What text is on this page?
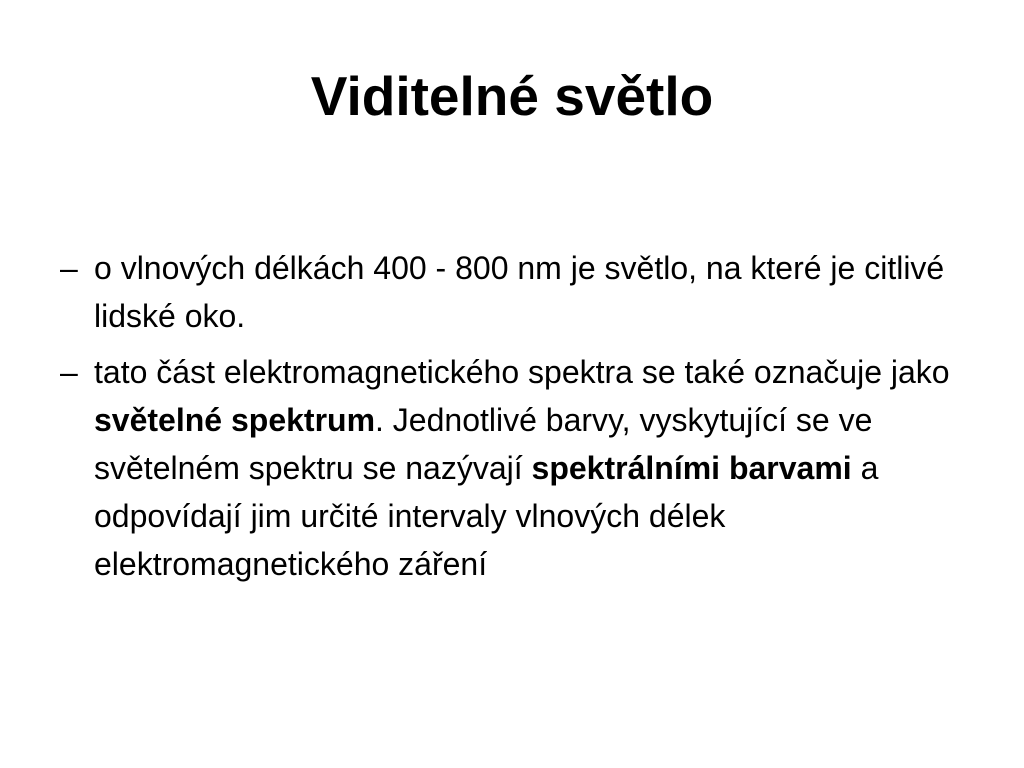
Viditelné světlo
– o vlnových délkách 400 - 800 nm je světlo, na které je citlivé lidské oko.
– tato část elektromagnetického spektra se také označuje jako světelné spektrum. Jednotlivé barvy, vyskytující se ve světelném spektru se nazývají spektrálními barvami a odpovídají jim určité intervaly vlnových délek elektromagnetického záření
